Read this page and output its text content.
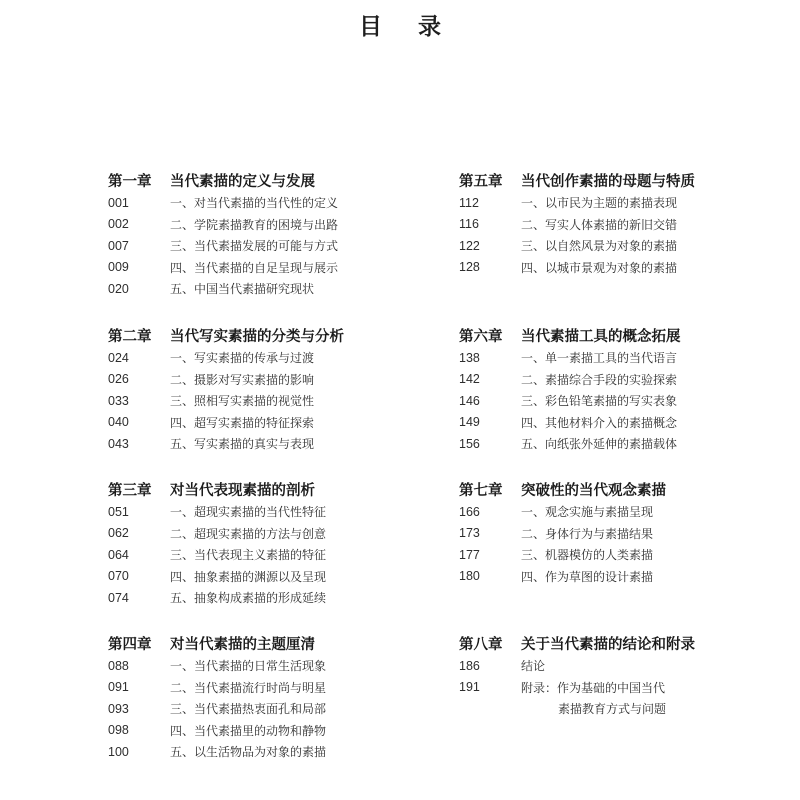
目 录
第一章	当代素描的定义与发展
001	一、对当代素描的当代性的定义
002	二、学院素描教育的困境与出路
007	三、当代素描发展的可能与方式
009	四、当代素描的自足呈现与展示
020	五、中国当代素描研究现状
第二章	当代写实素描的分类与分析
024	一、写实素描的传承与过渡
026	二、摄影对写实素描的影响
033	三、照相写实素描的视觉性
040	四、超写实素描的特征探索
043	五、写实素描的真实与表现
第三章	对当代表现素描的剖析
051	一、超现实素描的当代性特征
062	二、超现实素描的方法与创意
064	三、当代表现主义素描的特征
070	四、抽象素描的渊源以及呈现
074	五、抽象构成素描的形成延续
第四章	对当代素描的主题厘清
088	一、当代素描的日常生活现象
091	二、当代素描流行时尚与明星
093	三、当代素描热衷面孔和局部
098	四、当代素描里的动物和静物
100	五、以生活物品为对象的素描
第五章	当代创作素描的母题与特质
112	一、以市民为主题的素描表现
116	二、写实人体素描的新旧交错
122	三、以自然风景为对象的素描
128	四、以城市景观为对象的素描
第六章	当代素描工具的概念拓展
138	一、单一素描工具的当代语言
142	二、素描综合手段的实验探索
146	三、彩色铅笔素描的写实表象
149	四、其他材料介入的素描概念
156	五、向纸张外延伸的素描载体
第七章	突破性的当代观念素描
166	一、观念实施与素描呈现
173	二、身体行为与素描结果
177	三、机器模仿的人类素描
180	四、作为草图的设计素描
第八章	关于当代素描的结论和附录
186	结论
191	附录：作为基础的中国当代
素描教育方式与问题
